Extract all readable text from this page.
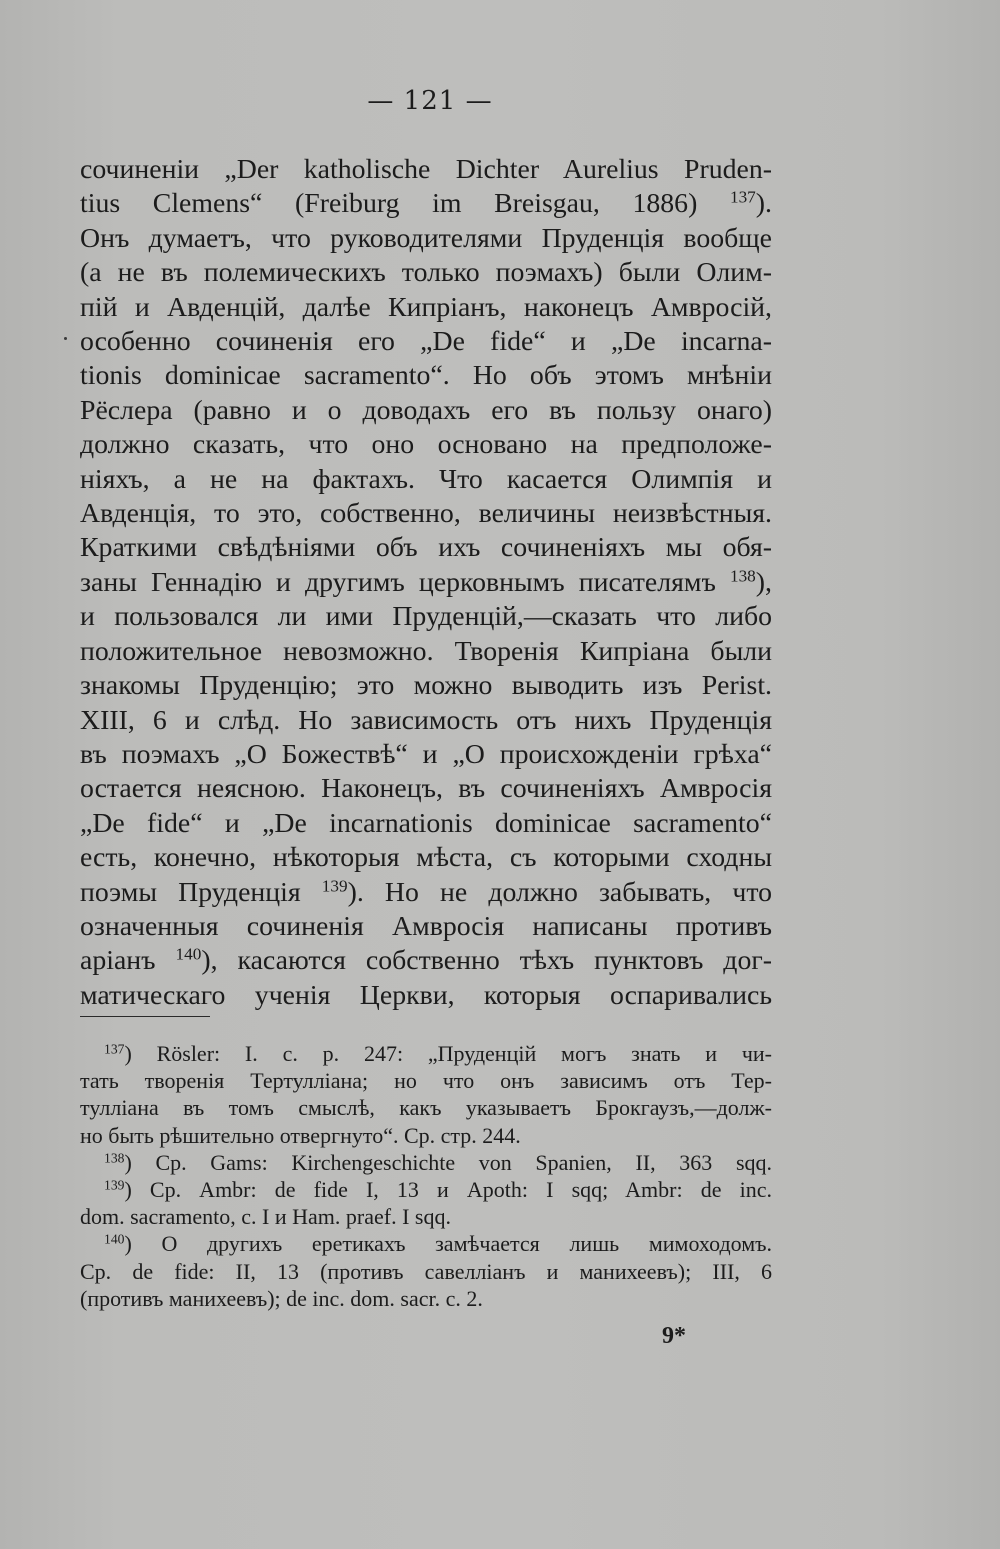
— 121 —
сочиненіи „Der katholische Dichter Aurelius Pruden-
tius Clemens“ (Freiburg im Breisgau, 1886) $^{137}$).
Онъ думаетъ, что руководителями Пруденція вообще
(а не въ полемическихъ только поэмахъ) были Олим-
пій и Авденцій, далѣе Кипріанъ, наконецъ Амвросій,
особенно сочиненія его „De fide“ и „De incarna-
tionis dominicae sacramento“. Но объ этомъ мнѣніи
Рёслера (равно и о доводахъ его въ пользу онаго)
должно сказать, что оно основано на предположе-
ніяхъ, а не на фактахъ. Что касается Олимпія и
Авденція, то это, собственно, величины неизвѣстныя.
Краткими свѣдѣніями объ ихъ сочиненіяхъ мы обя-
заны Геннадію и другимъ церковнымъ писателямъ $^{138}$),
и пользовался ли ими Пруденцій,—сказать что либо
положительное невозможно. Творенія Кипріана были
знакомы Пруденцію; это можно выводить изъ Perist.
XIII, 6 и слѣд. Но зависимость отъ нихъ Пруденція
въ поэмахъ „О Божествѣ“ и „О происхожденіи грѣха“
остается неясною. Наконецъ, въ сочиненіяхъ Амвросія
„De fide“ и „De incarnationis dominicae sacramento“
есть, конечно, нѣкоторыя мѣста, съ которыми сходны
поэмы Пруденція $^{139}$). Но не должно забывать, что
означенныя сочиненія Амвросія написаны противъ
аріанъ $^{140}$), касаются собственно тѣхъ пунктовъ дог-
матическаго ученія Церкви, которыя оспаривались
$^{137}$) Rösler: I. c. p. 247: „Пруденцій могъ знать и чи-
тать творенія Тертулліана; но что онъ зависимъ отъ Тер-
тулліана въ томъ смыслѣ, какъ указываетъ Брокгаузъ,—долж-
но быть рѣшительно отвергнуто“. Ср. стр. 244.
$^{138}$) Ср. Gams: Kirchengeschichte von Spanien, II, 363 sqq.
$^{139}$) Ср. Ambr: de fide I, 13 и Apoth: I sqq; Ambr: de inc.
dom. sacramento, c. I и Ham. praef. I sqq.
$^{140}$) О другихъ еретикахъ замѣчается лишь мимоходомъ.
Ср. de fide: II, 13 (противъ савелліанъ и манихеевъ); III, 6
(противъ манихеевъ); de inc. dom. sacr. c. 2.
9*
